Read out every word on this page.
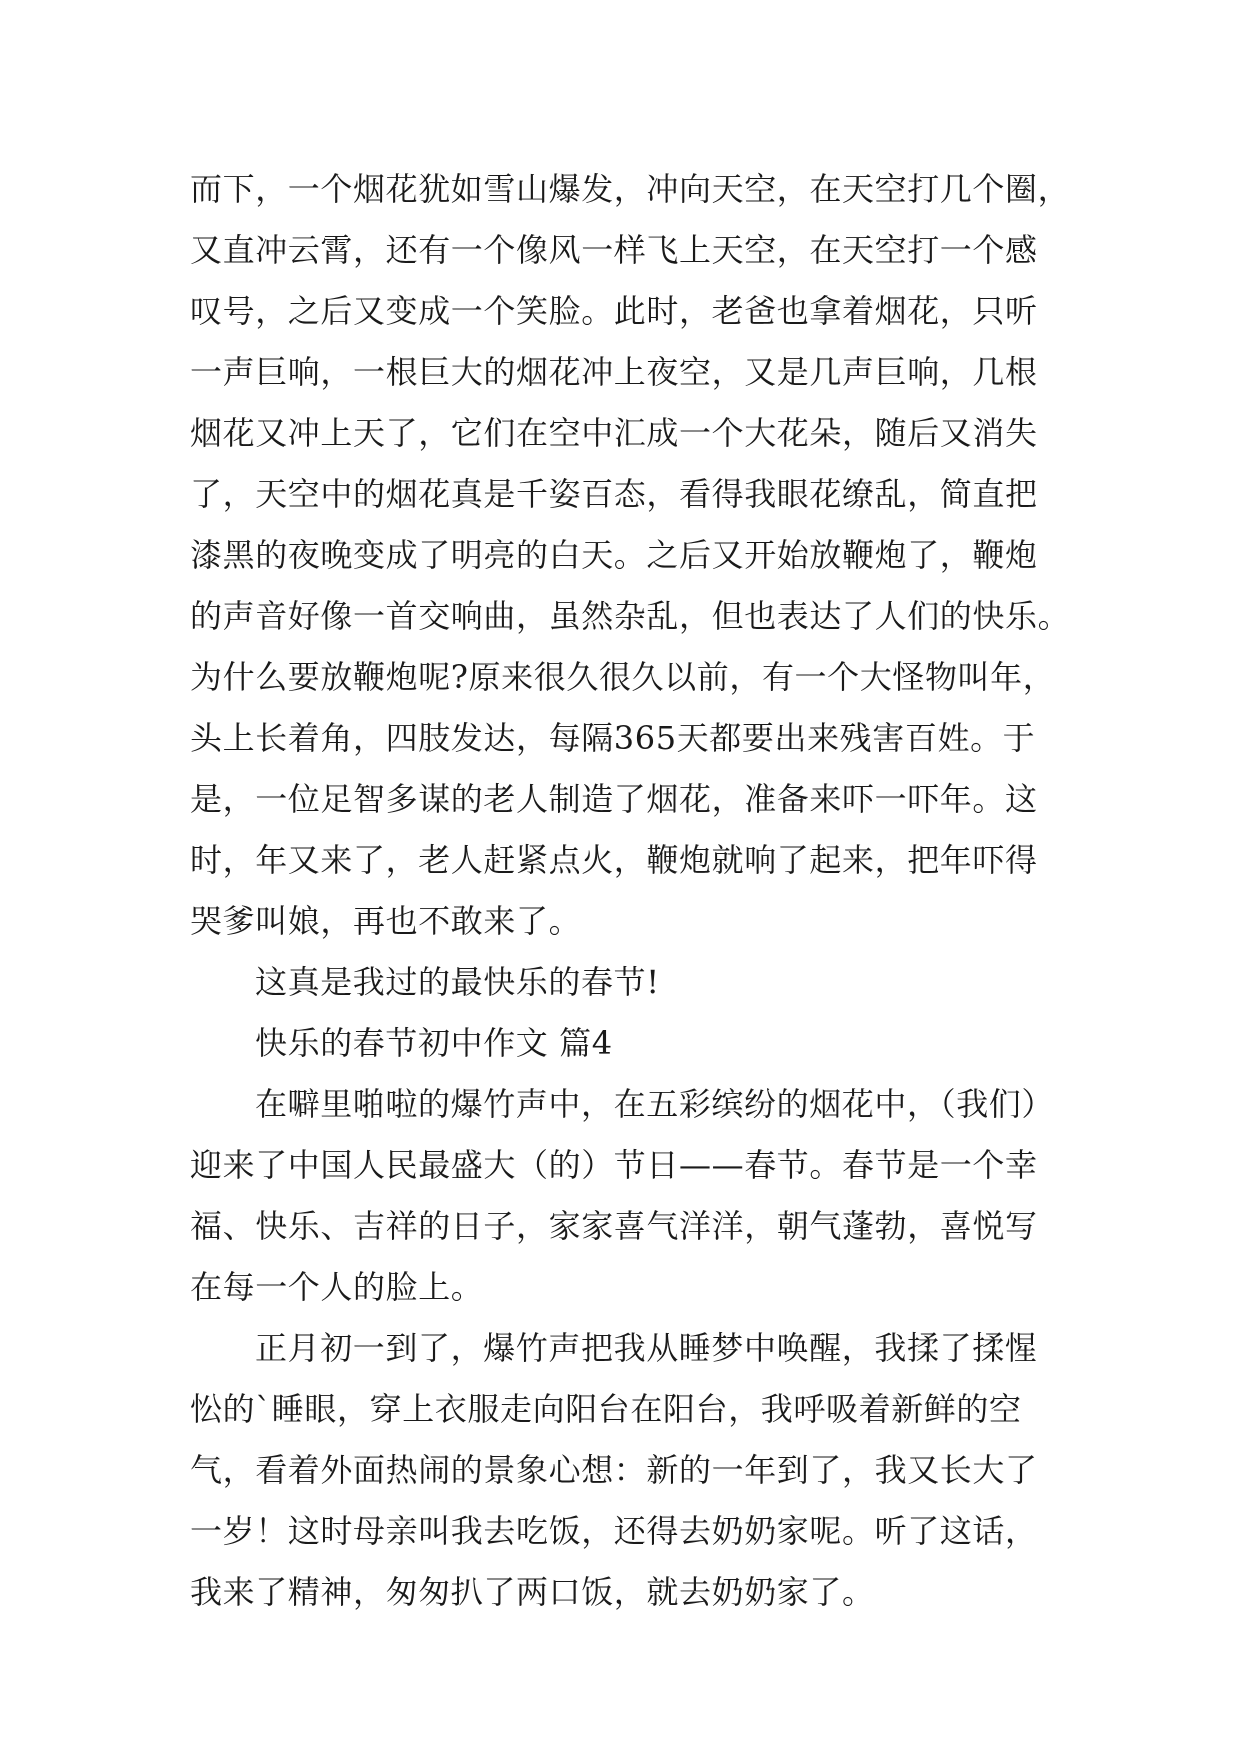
而下，一个烟花犹如雪山爆发，冲向天空，在天空打几个圈，
又直冲云霄，还有一个像风一样飞上天空，在天空打一个感
叹号，之后又变成一个笑脸。此时，老爸也拿着烟花，只听
一声巨响，一根巨大的烟花冲上夜空，又是几声巨响，几根
烟花又冲上天了，它们在空中汇成一个大花朵，随后又消失
了，天空中的烟花真是千姿百态，看得我眼花缭乱，简直把
漆黑的夜晚变成了明亮的白天。之后又开始放鞭炮了，鞭炮
的声音好像一首交响曲，虽然杂乱，但也表达了人们的快乐。
为什么要放鞭炮呢?原来很久很久以前，有一个大怪物叫年，
头上长着角，四肢发达，每隔365天都要出来残害百姓。于
是，一位足智多谋的老人制造了烟花，准备来吓一吓年。这
时，年又来了，老人赶紧点火，鞭炮就响了起来，把年吓得
哭爹叫娘，再也不敢来了。
这真是我过的最快乐的春节!
快乐的春节初中作文 篇4
在噼里啪啦的爆竹声中，在五彩缤纷的烟花中，（我们）
迎来了中国人民最盛大（的）节日——春节。春节是一个幸
福、快乐、吉祥的日子，家家喜气洋洋，朝气蓬勃，喜悦写
在每一个人的脸上。
正月初一到了，爆竹声把我从睡梦中唤醒，我揉了揉惺
忪的`睡眼，穿上衣服走向阳台在阳台，我呼吸着新鲜的空
气，看着外面热闹的景象心想：新的一年到了，我又长大了
一岁！这时母亲叫我去吃饭，还得去奶奶家呢。听了这话，
我来了精神，匆匆扒了两口饭，就去奶奶家了。
